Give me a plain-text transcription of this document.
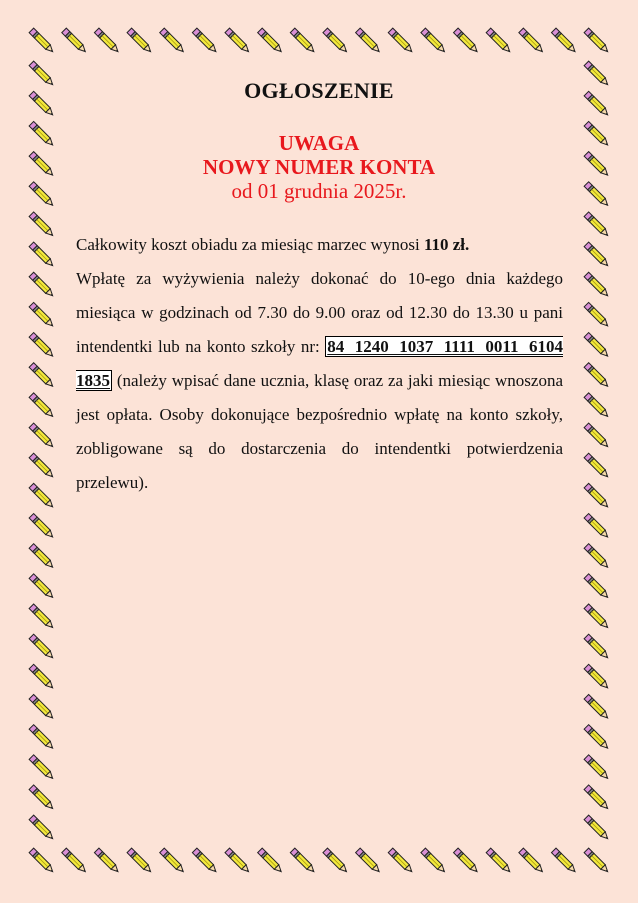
OGŁOSZENIE
UWAGA
NOWY NUMER KONTA
od 01 grudnia 2025r.

Całkowity koszt obiadu za miesiąc marzec wynosi 110 zł.

Wpłatę za wyżywienia należy dokonać do 10-ego dnia każdego miesiąca w godzinach od 7.30 do 9.00 oraz od 12.30 do 13.30 u pani intendentki lub na konto szkoły nr: 84 1240 1037 1111 0011 6104 1835 (należy wpisać dane ucznia, klasę oraz za jaki miesiąc wnoszona jest opłata. Osoby dokonujące bezpośrednio wpłatę na konto szkoły, zobligowane są do dostarczenia do intendentki potwierdzenia przelewu).
